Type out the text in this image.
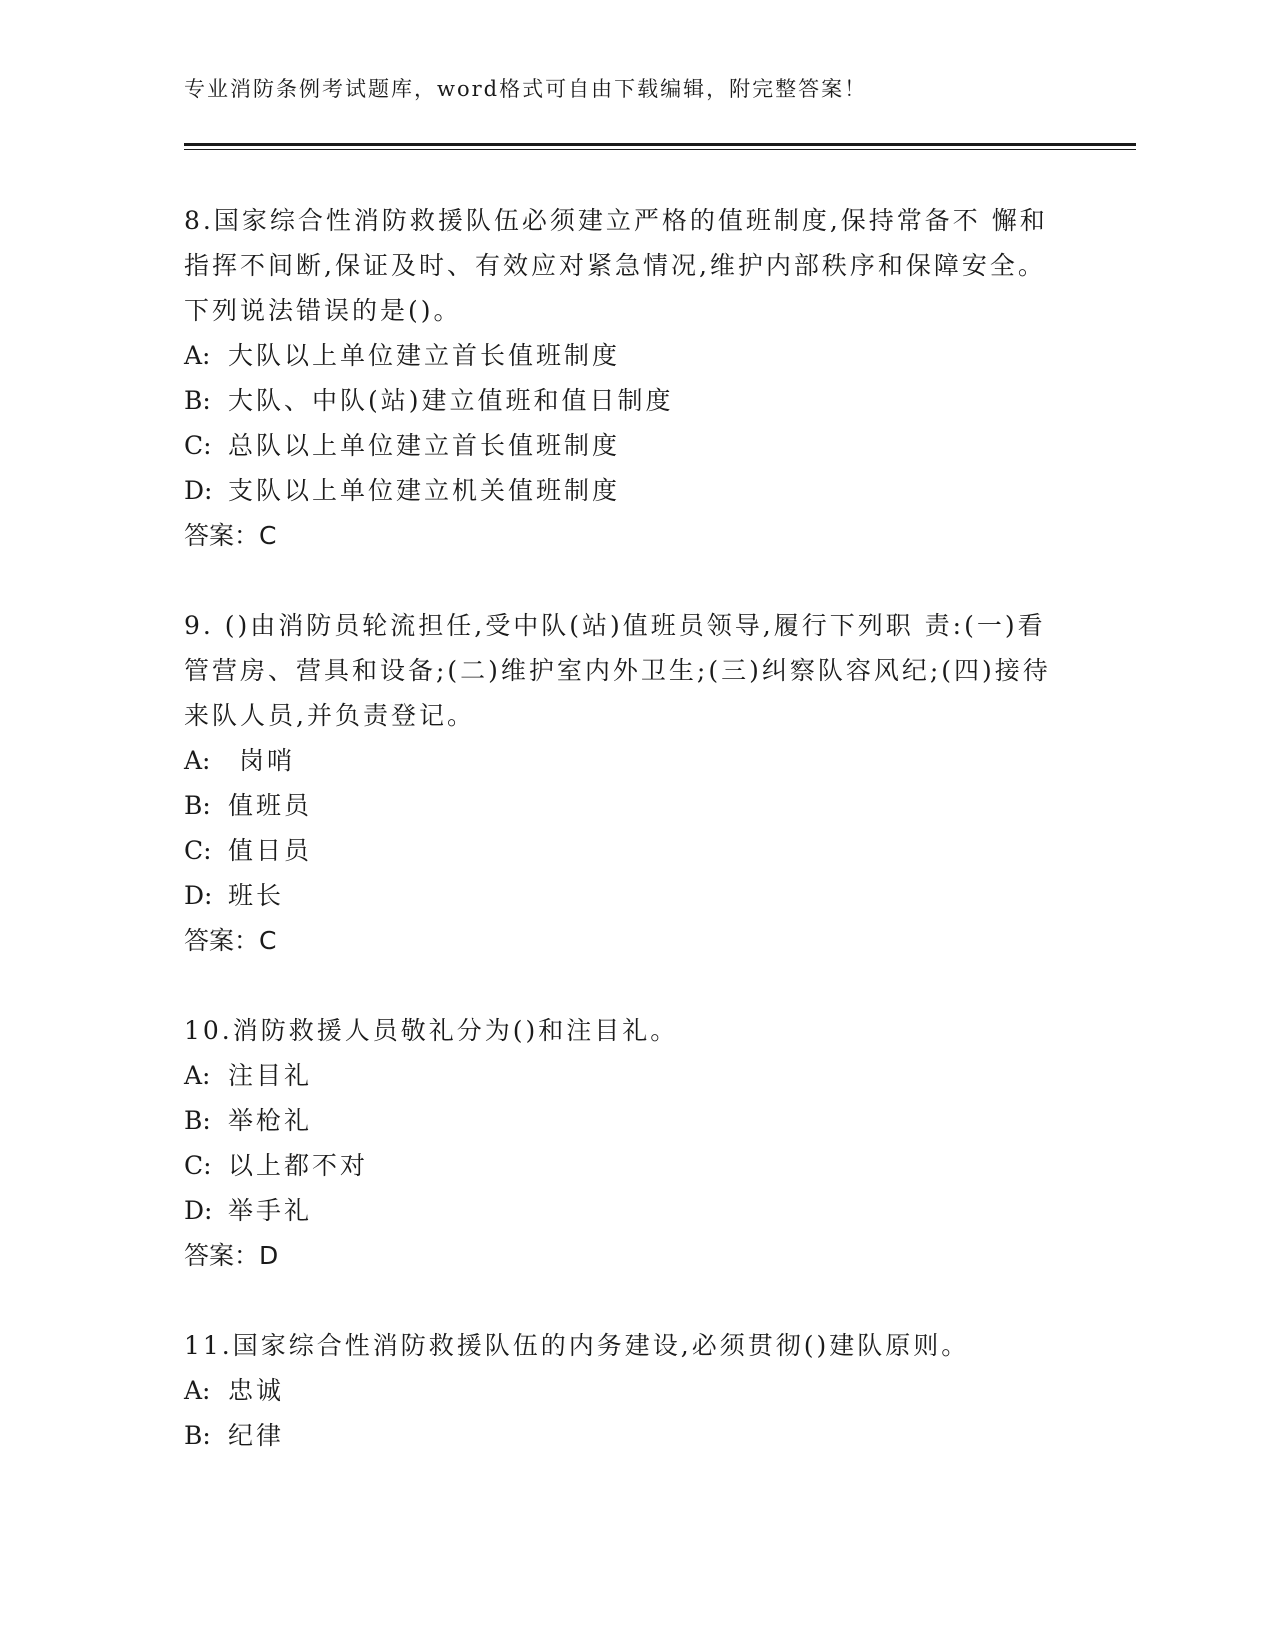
专业消防条例考试题库，word格式可自由下载编辑，附完整答案！

8.国家综合性消防救援队伍必须建立严格的值班制度,保持常备不 懈和指挥不间断,保证及时、有效应对紧急情况,维护内部秩序和保障安全。下列说法错误的是()。

A: 大队以上单位建立首长值班制度
B: 大队、中队(站)建立值班和值日制度
C: 总队以上单位建立首长值班制度
D: 支队以上单位建立机关值班制度

答案：C

9. ()由消防员轮流担任,受中队(站)值班员领导,履行下列职 责:(一)看管营房、营具和设备;(二)维护室内外卫生;(三)纠察队容风纪;(四)接待来队人员,并负责登记。

A: 岗哨
B: 值班员
C: 值日员
D: 班长

答案：C

10.消防救援人员敬礼分为()和注目礼。

A: 注目礼
B: 举枪礼
C: 以上都不对
D: 举手礼

答案：D

11.国家综合性消防救援队伍的内务建设,必须贯彻()建队原则。

A: 忠诚
B: 纪律
